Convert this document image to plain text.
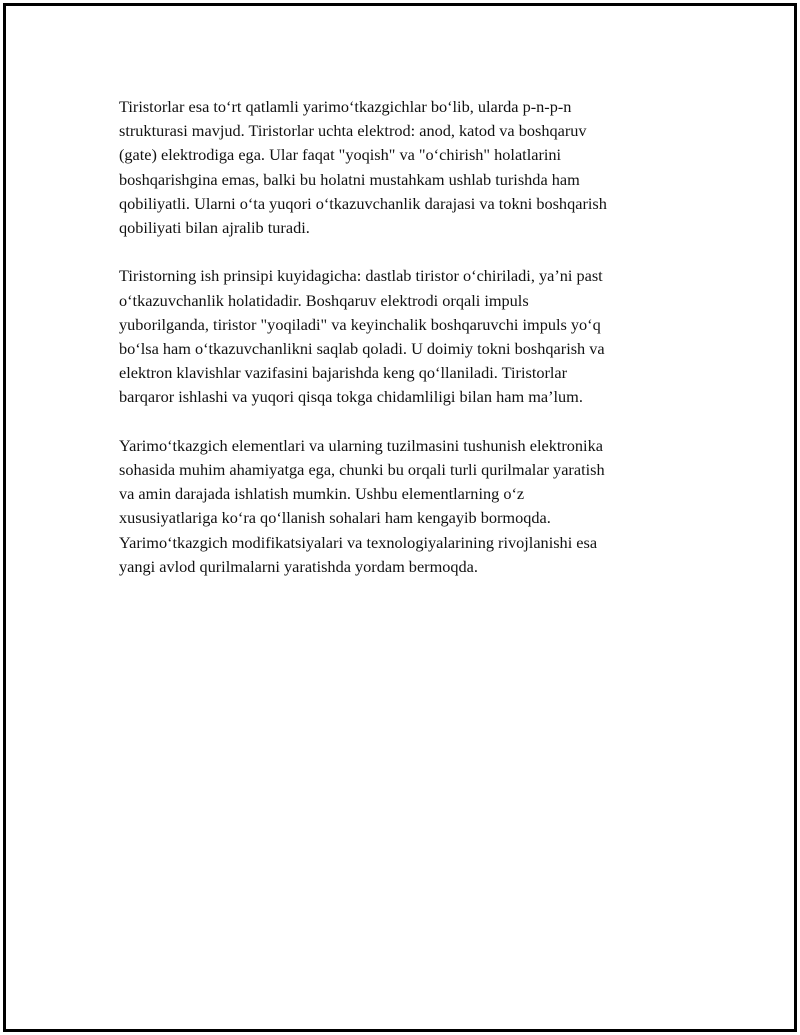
Tiristorlar esa to‘rt qatlamli yarimo‘tkazgichlar bo‘lib, ularda p-n-p-n
strukturasi mavjud. Tiristorlar uchta elektrod: anod, katod va boshqaruv
(gate) elektrodiga ega. Ular faqat "yoqish" va "o‘chirish" holatlarini
boshqarishgina emas, balki bu holatni mustahkam ushlab turishda ham
qobiliyatli. Ularni o‘ta yuqori o‘tkazuvchanlik darajasi va tokni boshqarish
qobiliyati bilan ajralib turadi.

Tiristorning ish prinsipi kuyidagicha: dastlab tiristor o‘chiriladi, ya’ni past
o‘tkazuvchanlik holatidadir. Boshqaruv elektrodi orqali impuls
yuborilganda, tiristor "yoqiladi" va keyinchalik boshqaruvchi impuls yo‘q
bo‘lsa ham o‘tkazuvchanlikni saqlab qoladi. U doimiy tokni boshqarish va
elektron klavishlar vazifasini bajarishda keng qo‘llaniladi. Tiristorlar
barqaror ishlashi va yuqori qisqa tokga chidamliligi bilan ham ma’lum.

Yarimo‘tkazgich elementlari va ularning tuzilmasini tushunish elektronika
sohasida muhim ahamiyatga ega, chunki bu orqali turli qurilmalar yaratish
va amin darajada ishlatish mumkin. Ushbu elementlarning o‘z
xususiyatlariga ko‘ra qo‘llanish sohalari ham kengayib bormoqda.
Yarimo‘tkazgich modifikatsiyalari va texnologiyalarining rivojlanishi esa
yangi avlod qurilmalarni yaratishda yordam bermoqda.
